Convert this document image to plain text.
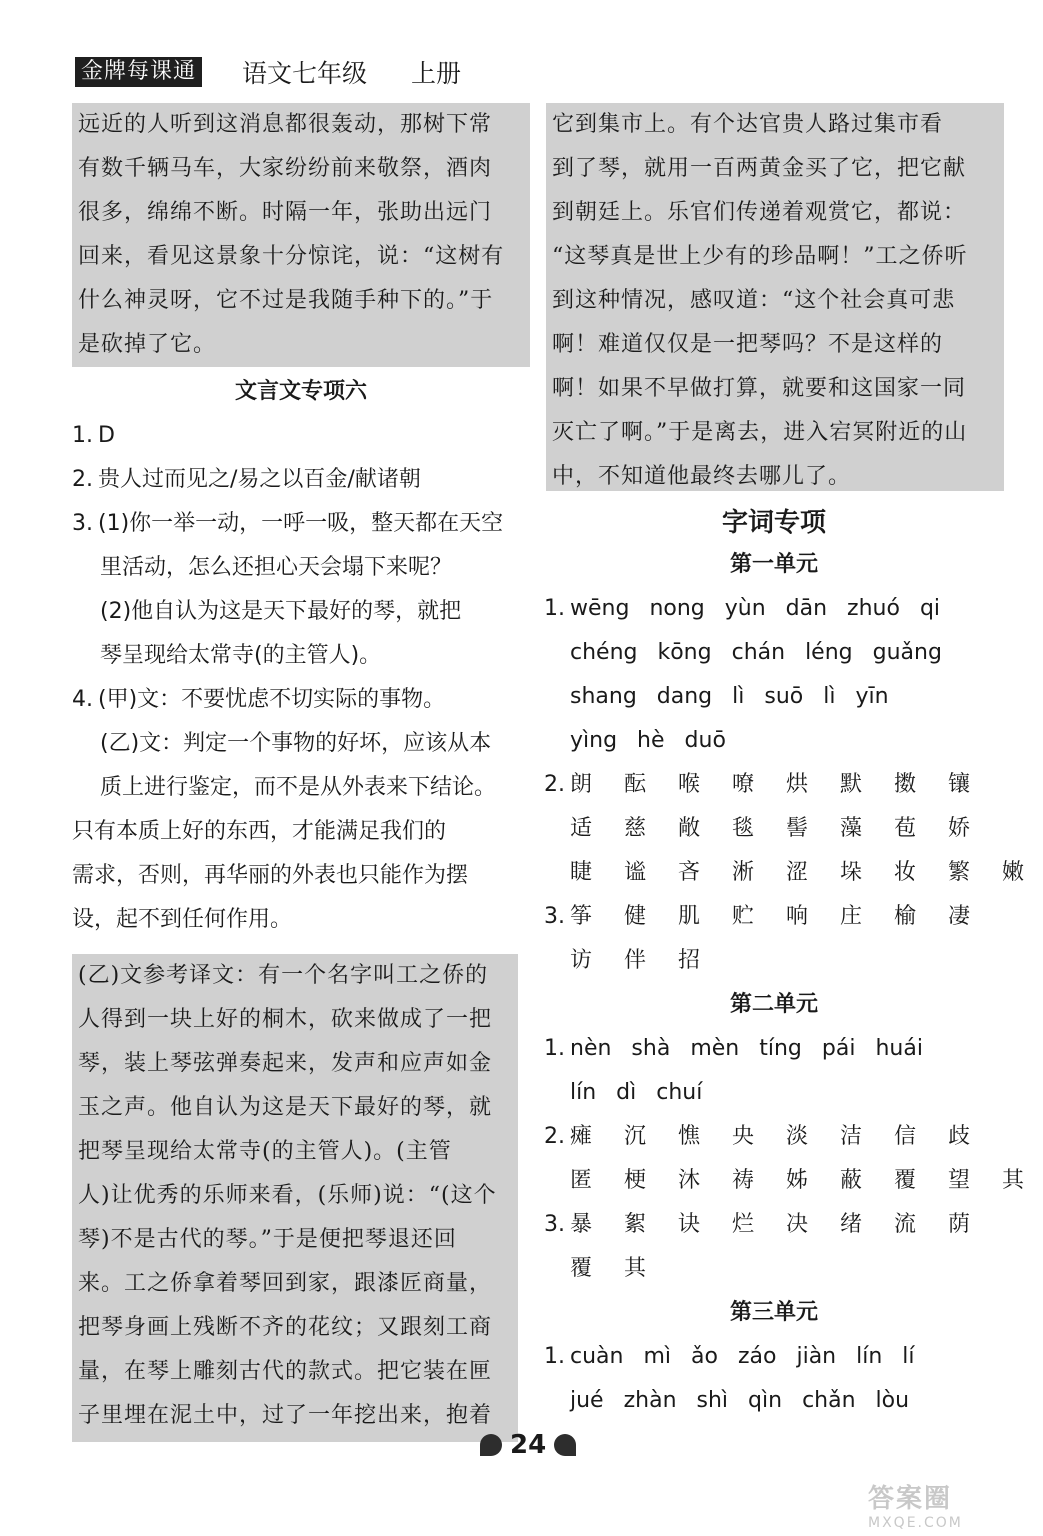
金牌每课通 语文七年级 上册
远近的人听到这消息都很轰动，那树下常
有数千辆马车，大家纷纷前来敬祭，酒肉
很多，绵绵不断。时隔一年，张助出远门
回来，看见这景象十分惊诧，说：“这树有
什么神灵呀，它不过是我随手种下的。”于
是砍掉了它。
文言文专项六
1. D
2. 贵人过而见之/易之以百金/献诸朝
3. (1)你一举一动，一呼一吸，整天都在天空
里活动，怎么还担心天会塌下来呢？
(2)他自认为这是天下最好的琴，就把
琴呈现给太常寺(的主管人)。
4. (甲)文：不要忧虑不切实际的事物。
(乙)文：判定一个事物的好坏，应该从本
质上进行鉴定，而不是从外表来下结论。
只有本质上好的东西，才能满足我们的
需求，否则，再华丽的外表也只能作为摆
设，起不到任何作用。
(乙)文参考译文：有一个名字叫工之侨的
人得到一块上好的桐木，砍来做成了一把
琴，装上琴弦弹奏起来，发声和应声如金
玉之声。他自认为这是天下最好的琴，就
把琴呈现给太常寺(的主管人)。(主管
人)让优秀的乐师来看，(乐师)说：“(这个
琴)不是古代的琴。”于是便把琴退还回
来。工之侨拿着琴回到家，跟漆匠商量，
把琴身画上残断不齐的花纹；又跟刻工商
量，在琴上雕刻古代的款式。把它装在匣
子里埋在泥土中，过了一年挖出来，抱着
它到集市上。有个达官贵人路过集市看
到了琴，就用一百两黄金买了它，把它献
到朝廷上。乐官们传递着观赏它，都说：
“这琴真是世上少有的珍品啊！”工之侨听
到这种情况，感叹道：“这个社会真可悲
啊！难道仅仅是一把琴吗？不是这样的
啊！如果不早做打算，就要和这国家一同
灭亡了啊。”于是离去，进入宕冥附近的山
中，不知道他最终去哪儿了。
字词专项
第一单元
1. wēng nong yùn dān zhuó qi
chéng kōng chán léng guǎng
shang dang lì suō lì yīn
yìng hè duō
2. 朗 酝 喉 嘹 烘 默 擞 镶
适 慈 敞 毯 髻 藻 苞 娇
睫 谧 吝 淅 涩 垛 妆 繁 嫩
3. 筝 健 肌 贮 响 庄 榆 凄
访 伴 招
第二单元
1. nèn shà mèn tíng pái huái
lín dì chuí
2. 瘫 沉 憔 央 淡 洁 信 歧
匿 梗 沐 祷 姊 蔽 覆 望 其
3. 暴 絮 诀 烂 决 绪 流 荫
覆 其
第三单元
1. cuàn mì ǎo záo jiàn lín lí
jué zhàn shì qìn chǎn lòu
24
答案圈
MXQE.COM
